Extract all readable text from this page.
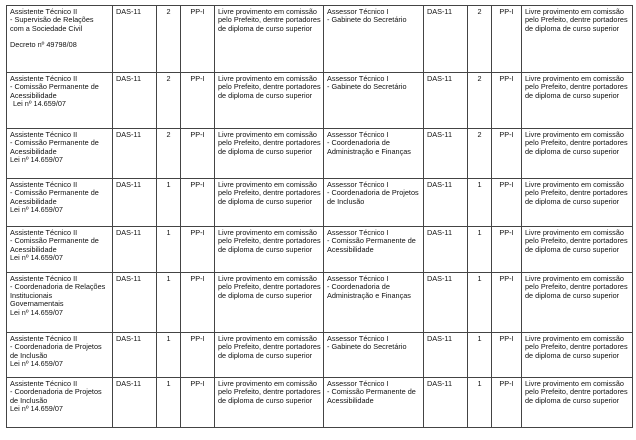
Assistente Técnico II
- Supervisão de Relações
com a Sociedade Civil
Decreto nº 49798/08	DAS-11	2	PP-I	Livre provimento em comissão
pelo Prefeito, dentre portadores
de diploma de curso superior	Assessor Técnico I
- Gabinete do Secretário	DAS-11	2	PP-I	Livre provimento em comissão
pelo Prefeito, dentre portadores
de diploma de curso superior

Assistente Técnico II
- Comissão Permanente de
Acessibilidade
Lei nº 14.659/07	DAS-11	2	PP-I	Livre provimento em comissão
pelo Prefeito, dentre portadores
de diploma de curso superior	Assessor Técnico I
- Gabinete do Secretário	DAS-11	2	PP-I	Livre provimento em comissão
pelo Prefeito, dentre portadores
de diploma de curso superior

Assistente Técnico II
- Comissão Permanente de
Acessibilidade
Lei nº 14.659/07	DAS-11	2	PP-I	Livre provimento em comissão
pelo Prefeito, dentre portadores
de diploma de curso superior	Assessor Técnico I
- Coordenadoria de
Administração e Finanças	DAS-11	2	PP-I	Livre provimento em comissão
pelo Prefeito, dentre portadores
de diploma de curso superior

Assistente Técnico II
- Comissão Permanente de
Acessibilidade
Lei nº 14.659/07	DAS-11	1	PP-I	Livre provimento em comissão
pelo Prefeito, dentre portadores
de diploma de curso superior	Assessor Técnico I
- Coordenadoria de Projetos
de Inclusão	DAS-11	1	PP-I	Livre provimento em comissão
pelo Prefeito, dentre portadores
de diploma de curso superior

Assistente Técnico II
- Comissão Permanente de
Acessibilidade
Lei nº 14.659/07	DAS-11	1	PP-I	Livre provimento em comissão
pelo Prefeito, dentre portadores
de diploma de curso superior	Assessor Técnico I
- Comissão Permanente de
Acessibilidade	DAS-11	1	PP-I	Livre provimento em comissão
pelo Prefeito, dentre portadores
de diploma de curso superior

Assistente Técnico II
- Coordenadoria de Relações
Institucionais
Governamentais
Lei nº 14.659/07	DAS-11	1	PP-I	Livre provimento em comissão
pelo Prefeito, dentre portadores
de diploma de curso superior	Assessor Técnico I
- Coordenadoria de
Administração e Finanças	DAS-11	1	PP-I	Livre provimento em comissão
pelo Prefeito, dentre portadores
de diploma de curso superior

Assistente Técnico II
- Coordenadoria de Projetos
de Inclusão
Lei nº 14.659/07	DAS-11	1	PP-I	Livre provimento em comissão
pelo Prefeito, dentre portadores
de diploma de curso superior	Assessor Técnico I
- Gabinete do Secretário	DAS-11	1	PP-I	Livre provimento em comissão
pelo Prefeito, dentre portadores
de diploma de curso superior

Assistente Técnico II
- Coordenadoria de Projetos
de Inclusão
Lei nº 14.659/07	DAS-11	1	PP-I	Livre provimento em comissão
pelo Prefeito, dentre portadores
de diploma de curso superior	Assessor Técnico I
- Comissão Permanente de
Acessibilidade	DAS-11	1	PP-I	Livre provimento em comissão
pelo Prefeito, dentre portadores
de diploma de curso superior
